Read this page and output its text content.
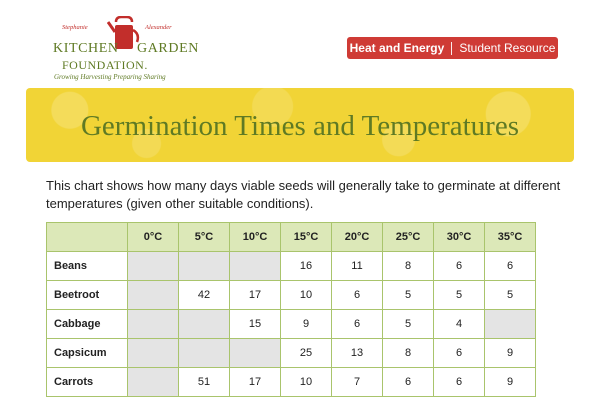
Stephanie	Alexander
KITCHEN GARDEN
FOUNDATION.
Growing Harvesting Preparing Sharing
Heat and Energy Student Resource
Germination Times and Temperatures

This chart shows how many days viable seeds will generally take to germinate at different temperatures (given other suitable conditions).

	0°C	5°C	10°C	15°C	20°C	25°C	30°C	35°C
Beans				16	11	8	6	6
Beetroot		42	17	10	6	5	5	5
Cabbage			15	9	6	5	4	
Capsicum				25	13	8	6	9
Carrots		51	17	10	7	6	6	9
